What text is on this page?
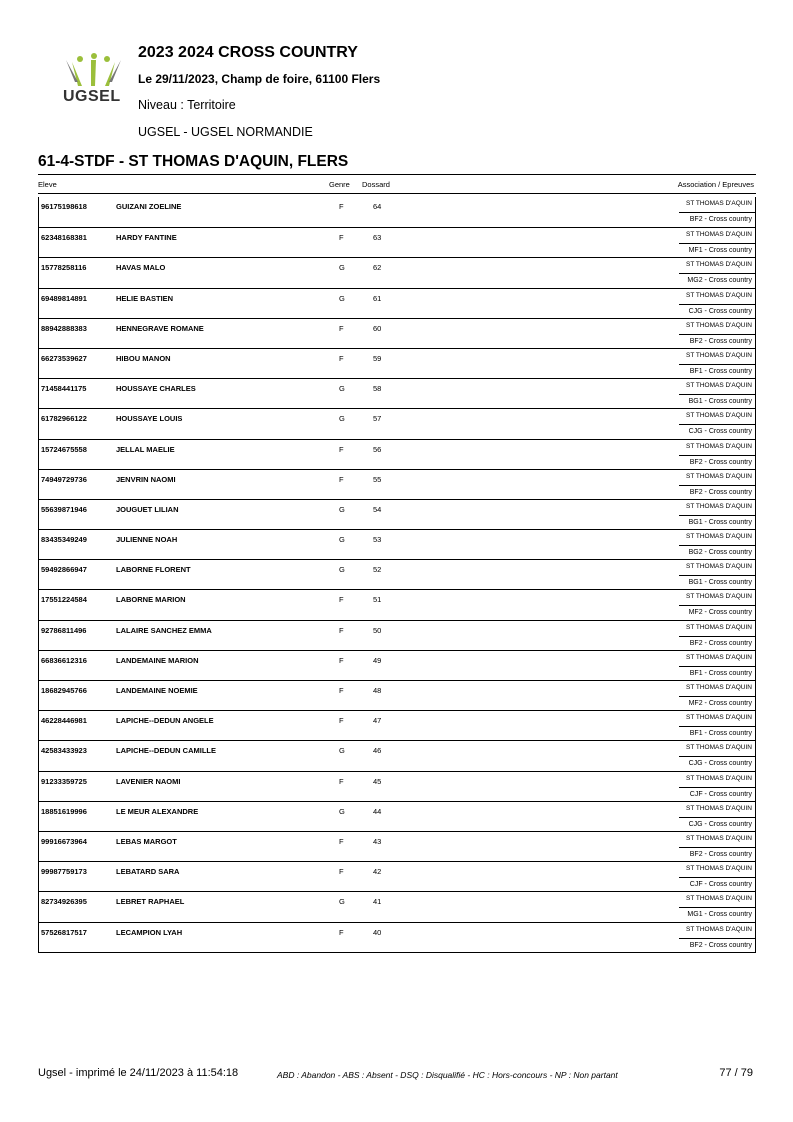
UGSEL
2023 2024 CROSS COUNTRY
Le 29/11/2023, Champ de foire, 61100 Flers
Niveau : Territoire
UGSEL - UGSEL NORMANDIE
61-4-STDF - ST THOMAS D'AQUIN, FLERS
Eleve	Genre Dossard	Association / Epreuves
96175198618	GUIZANI ZOELINE	F	64	ST THOMAS D'AQUIN
BF2 - Cross country
62348168381	HARDY FANTINE	F	63	ST THOMAS D'AQUIN
MF1 - Cross country
15778258116	HAVAS MALO	G	62	ST THOMAS D'AQUIN
MG2 - Cross country
69489814891	HELIE BASTIEN	G	61	ST THOMAS D'AQUIN
CJG - Cross country
88942888383	HENNEGRAVE ROMANE	F	60	ST THOMAS D'AQUIN
BF2 - Cross country
66273539627	HIBOU MANON	F	59	ST THOMAS D'AQUIN
BF1 - Cross country
71458441175	HOUSSAYE CHARLES	G	58	ST THOMAS D'AQUIN
BG1 - Cross country
61782966122	HOUSSAYE LOUIS	G	57	ST THOMAS D'AQUIN
CJG - Cross country
15724675558	JELLAL MAELIE	F	56	ST THOMAS D'AQUIN
BF2 - Cross country
74949729736	JENVRIN NAOMI	F	55	ST THOMAS D'AQUIN
BF2 - Cross country
55639871946	JOUGUET LILIAN	G	54	ST THOMAS D'AQUIN
BG1 - Cross country
83435349249	JULIENNE NOAH	G	53	ST THOMAS D'AQUIN
BG2 - Cross country
59492866947	LABORNE FLORENT	G	52	ST THOMAS D'AQUIN
BG1 - Cross country
17551224584	LABORNE MARION	F	51	ST THOMAS D'AQUIN
MF2 - Cross country
92786811496	LALAIRE SANCHEZ EMMA	F	50	ST THOMAS D'AQUIN
BF2 - Cross country
66836612316	LANDEMAINE MARION	F	49	ST THOMAS D'AQUIN
BF1 - Cross country
18682945766	LANDEMAINE NOEMIE	F	48	ST THOMAS D'AQUIN
MF2 - Cross country
46228446981	LAPICHE--DEDUN ANGELE	F	47	ST THOMAS D'AQUIN
BF1 - Cross country
42583433923	LAPICHE--DEDUN CAMILLE	G	46	ST THOMAS D'AQUIN
CJG - Cross country
91233359725	LAVENIER NAOMI	F	45	ST THOMAS D'AQUIN
CJF - Cross country
18851619996	LE MEUR ALEXANDRE	G	44	ST THOMAS D'AQUIN
CJG - Cross country
99916673964	LEBAS MARGOT	F	43	ST THOMAS D'AQUIN
BF2 - Cross country
99987759173	LEBATARD SARA	F	42	ST THOMAS D'AQUIN
CJF - Cross country
82734926395	LEBRET RAPHAEL	G	41	ST THOMAS D'AQUIN
MG1 - Cross country
57526817517	LECAMPION LYAH	F	40	ST THOMAS D'AQUIN
BF2 - Cross country
Ugsel - imprimé le 24/11/2023 à 11:54:18	ABD : Abandon - ABS : Absent - DSQ : Disqualifié - HC : Hors-concours - NP : Non partant	77 / 79
